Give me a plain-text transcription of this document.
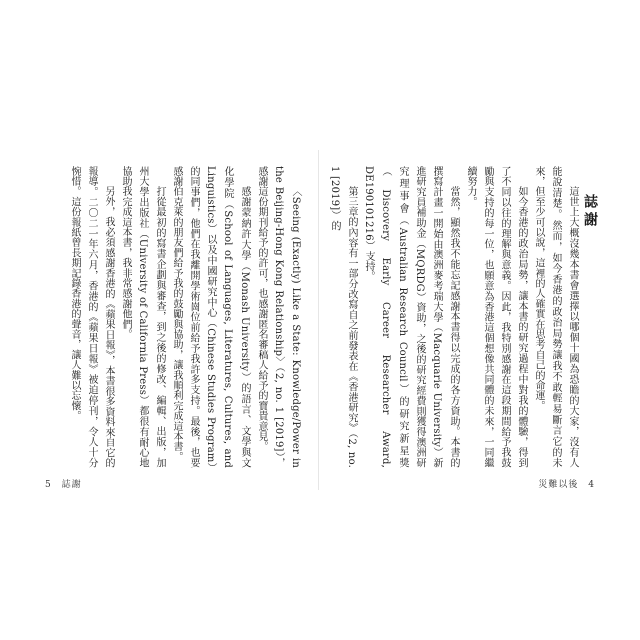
〈Seeing (Exactly) Like a State: Knowledge/Power in the Beijing-Hong Kong Relationship〉（2, no. 1 [2019]），感謝這份期刊給予的許可，也感謝匿名審稿人給予的寶貴意見。

感謝蒙納許大學（Monash University）的語言、文學與文化學院（School of Languages, Literatures, Cultures, and Linguistics）以及中國研究中心（Chinese Studies Program）的同事們，他們在我離開學術崗位前給予我許多支持。最後，也要感謝伯克萊的朋友們給予我的鼓勵與協助，讓我順利完成這本書。

打從最初的寫書企劃與審查，到之後的修改、編輯、出版，加州大學出版社（University of California Press）都很有耐心地協助我完成這本書，我非常感謝他們。

另外，我必須感謝香港的《蘋果日報》，本書很多資料來自它的報導。二〇二一年六月，香港的《蘋果日報》被迫停刊，令人十分惋惜。這份報紙曾長期記錄香港的聲音，讓人難以忘懷。

5 誌謝

誌謝

這世上大概沒幾本書會選擇以哪個十國為恐瞻的大家，沒有人能說清楚。然而，如今香港的政治局勢讓我不敢輕易斷言它的未來，但至少可以說，這裡的人確實在思考自己的命運。

如今香港的政治局勢，讓本書的研究過程中對我的體驗，得到了不同以往的理解與意義。因此，我特別感謝在這段期間給予我鼓勵與支持的每一位，也願意為香港這個想像共同體的未來，一同繼續努力。

當然，顯然我不能忘記感謝本書得以完成的各方資助。本書的撰寫計畫一開始由澳洲麥考瑞大學（Macquarie University）新進研究員補助金（MQRDG）資助，之後的研究經費則獲得澳洲研究理事會（Australian Research Council）的研究新星獎（Discovery Early Career Researcher Award, DE190101216）支持。

第三章的內容有一部分改寫自之前發表在《香港研究》（2, no. 1 [2019]）的

災難以後 4
